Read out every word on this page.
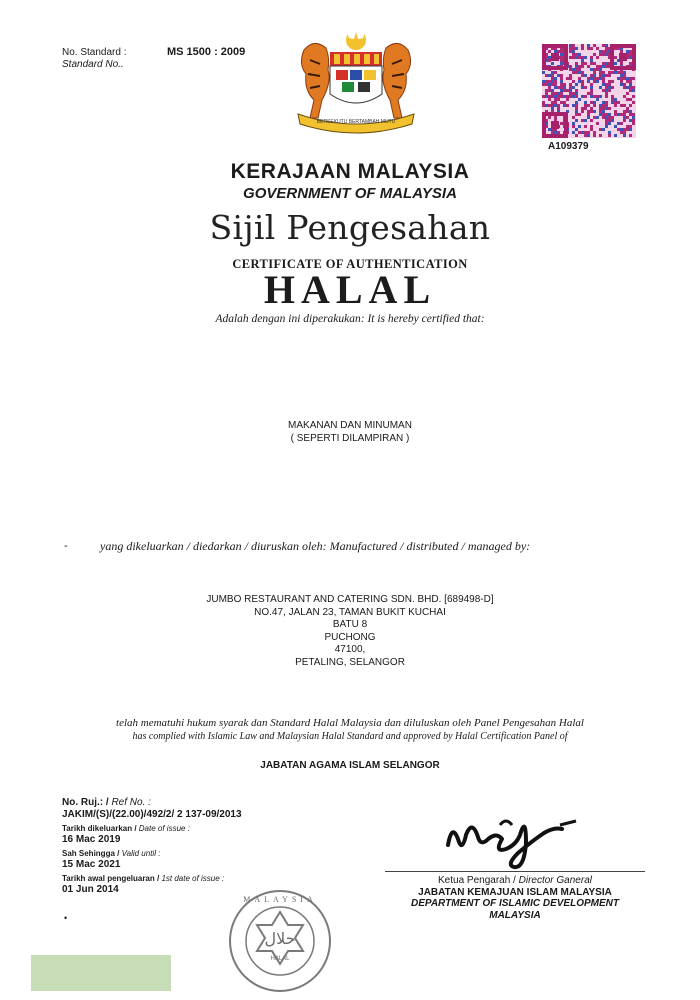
No. Standard :
Standard No..
MS 1500 : 2009
BERSEKUTU BERTAMBAH MUTU
A109379
KERAJAAN MALAYSIA
GOVERNMENT OF MALAYSIA
Sijil Pengesahan
CERTIFICATE OF AUTHENTICATION
HALAL
Adalah dengan ini diperakukan: It is hereby certified that:
MAKANAN DAN MINUMAN
( SEPERTI DILAMPIRAN )
-	yang dikeluarkan / diedarkan / diuruskan oleh: Manufactured / distributed / managed by:
JUMBO RESTAURANT AND CATERING SDN. BHD. [689498-D]
NO.47, JALAN 23, TAMAN BUKIT KUCHAI
BATU 8
PUCHONG
47100,
PETALING, SELANGOR
telah mematuhi hukum syarak dan Standard Halal Malaysia dan diluluskan oleh Panel Pengesahan Halal
has complied with Islamic Law and Malaysian Halal Standard and approved by Halal Certification Panel of
JABATAN AGAMA ISLAM SELANGOR
No. Ruj.: / Ref No. :
JAKIM/(S)/(22.00)/492/2/ 2 137-09/2013
Tarikh dikeluarkan / Date of issue :
16 Mac 2019
Sah Sehingga / Valid until :
15 Mac 2021
Tarikh awal pengeluaran / 1st date of issue :
01 Jun 2014
•
Ketua Pengarah / Director Ganeral
JABATAN KEMAJUAN ISLAM MALAYSIA
DEPARTMENT OF ISLAMIC DEVELOPMENT MALAYSIA
حلال
HALAL
MALAYSIA
